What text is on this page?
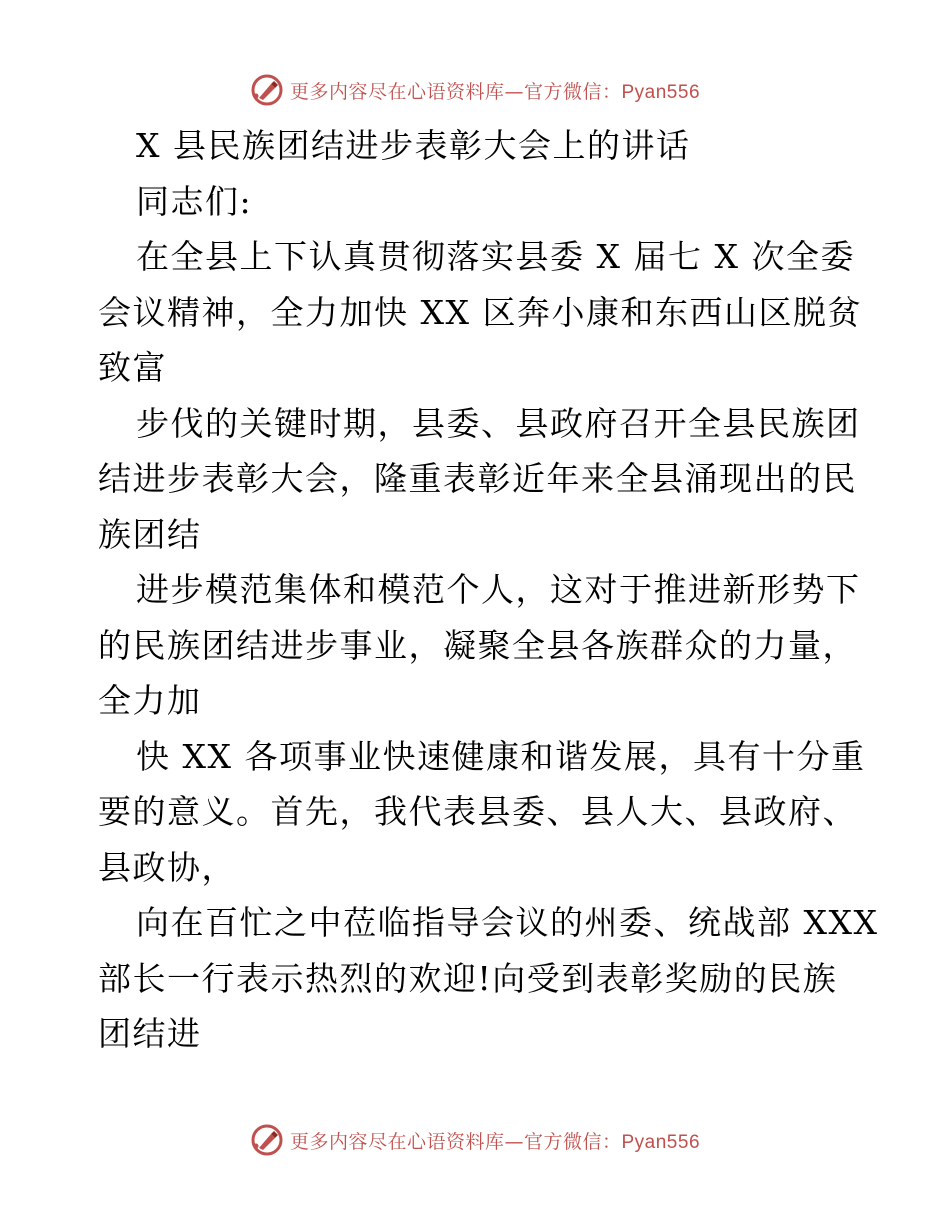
更多内容尽在心语资料库—官方微信：Pyan556
X 县民族团结进步表彰大会上的讲话
同志们:
在全县上下认真贯彻落实县委 X 届七 X 次全委
会议精神，全力加快 XX 区奔小康和东西山区脱贫
致富
步伐的关键时期，县委、县政府召开全县民族团
结进步表彰大会，隆重表彰近年来全县涌现出的民
族团结
进步模范集体和模范个人，这对于推进新形势下
的民族团结进步事业，凝聚全县各族群众的力量，
全力加
快 XX 各项事业快速健康和谐发展，具有十分重
要的意义。首先，我代表县委、县人大、县政府、
县政协，
向在百忙之中莅临指导会议的州委、统战部 XXX
部长一行表示热烈的欢迎!向受到表彰奖励的民族
团结进
更多内容尽在心语资料库—官方微信：Pyan556
